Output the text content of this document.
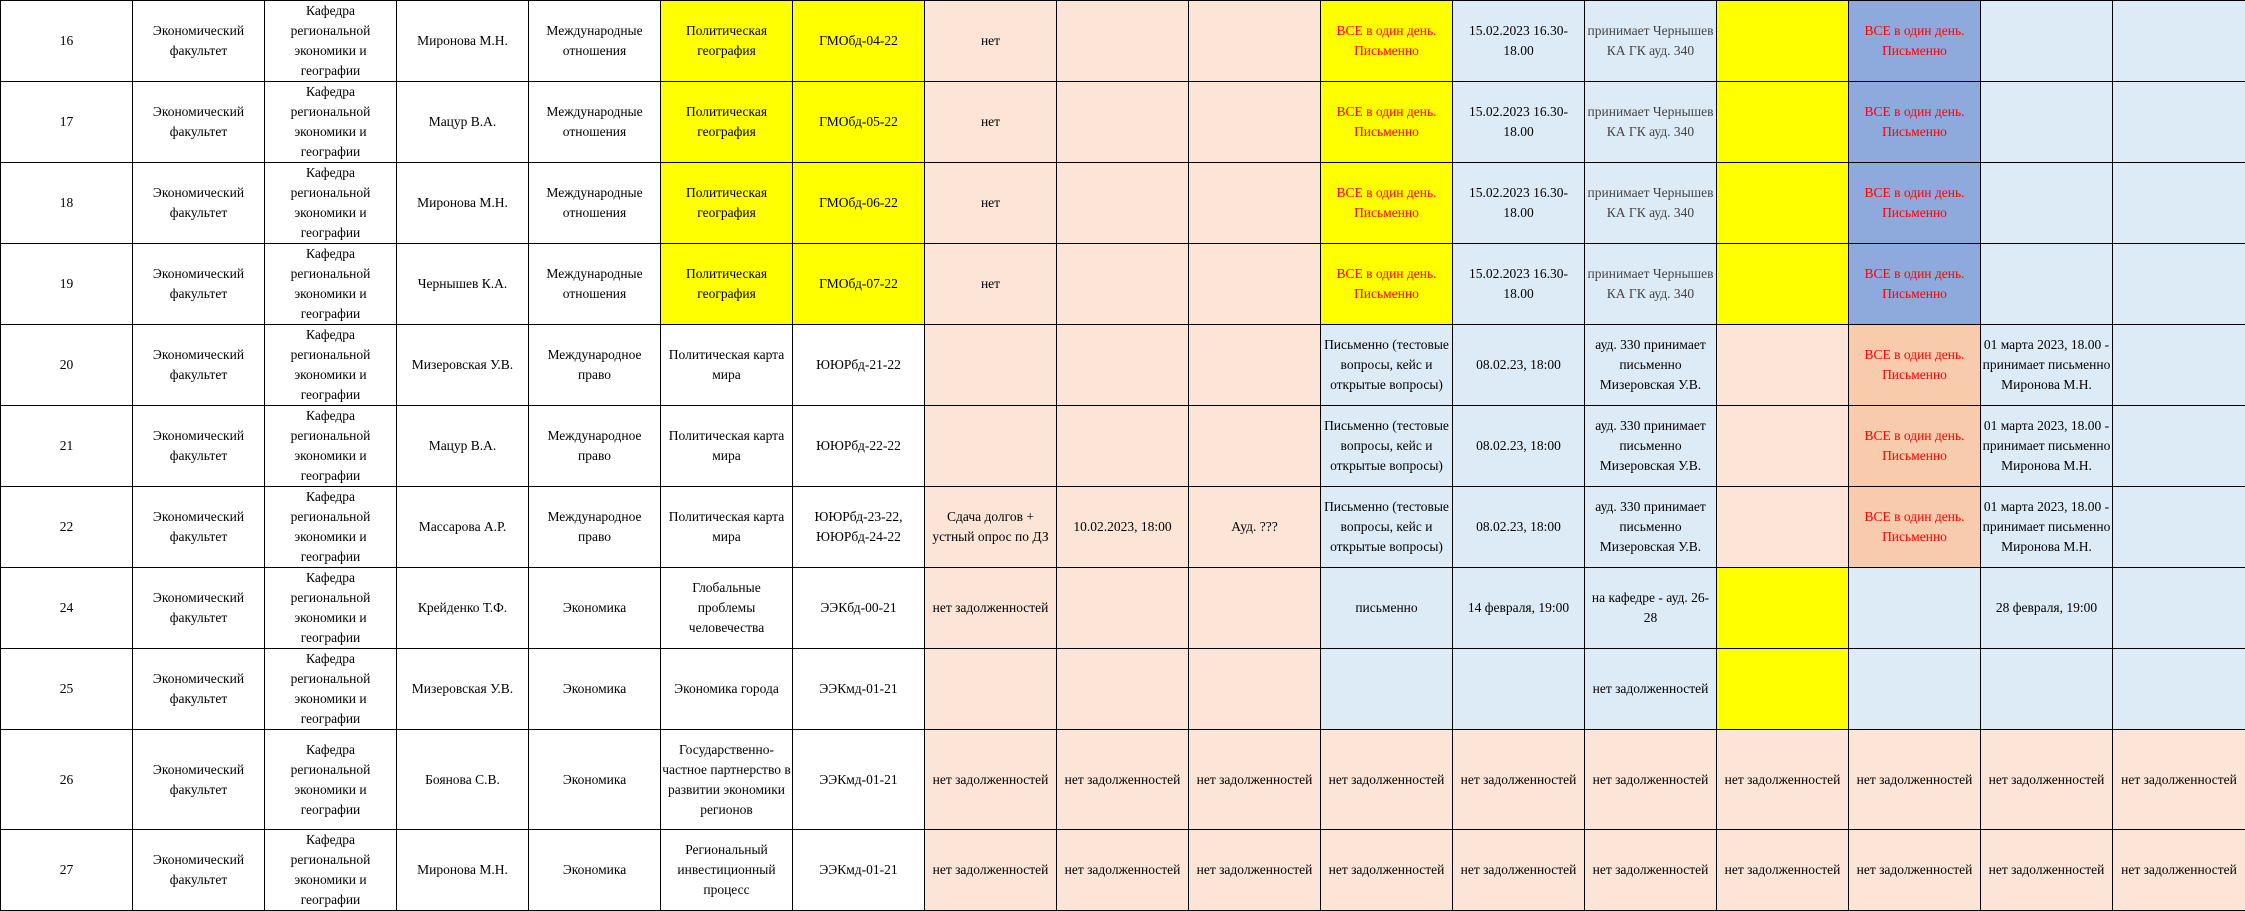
16	Экономический факультет	Кафедра региональной экономики и географии	Миронова М.Н.	Международные отношения	Политическая география	ГМОбд-04-22	нет			ВСЕ в один день. Письменно	15.02.2023 16.30-18.00	принимает Чернышев КА ГК ауд. 340		ВСЕ в один день. Письменно		
17	Экономический факультет	Кафедра региональной экономики и географии	Мацур В.А.	Международные отношения	Политическая география	ГМОбд-05-22	нет			ВСЕ в один день. Письменно	15.02.2023 16.30-18.00	принимает Чернышев КА ГК ауд. 340		ВСЕ в один день. Письменно		
18	Экономический факультет	Кафедра региональной экономики и географии	Миронова М.Н.	Международные отношения	Политическая география	ГМОбд-06-22	нет			ВСЕ в один день. Письменно	15.02.2023 16.30-18.00	принимает Чернышев КА ГК ауд. 340		ВСЕ в один день. Письменно		
19	Экономический факультет	Кафедра региональной экономики и географии	Чернышев К.А.	Международные отношения	Политическая география	ГМОбд-07-22	нет			ВСЕ в один день. Письменно	15.02.2023 16.30-18.00	принимает Чернышев КА ГК ауд. 340		ВСЕ в один день. Письменно		
20	Экономический факультет	Кафедра региональной экономики и географии	Мизеровская У.В.	Международное право	Политическая карта мира	ЮЮРбд-21-22				Письменно (тестовые вопросы, кейс и открытые вопросы)	08.02.23, 18:00	ауд. 330 принимает письменно Мизеровская У.В.		ВСЕ в один день. Письменно	01 марта 2023, 18.00 - принимает письменно Миронова М.Н.	
21	Экономический факультет	Кафедра региональной экономики и географии	Мацур В.А.	Международное право	Политическая карта мира	ЮЮРбд-22-22				Письменно (тестовые вопросы, кейс и открытые вопросы)	08.02.23, 18:00	ауд. 330 принимает письменно Мизеровская У.В.		ВСЕ в один день. Письменно	01 марта 2023, 18.00 - принимает письменно Миронова М.Н.	
22	Экономический факультет	Кафедра региональной экономики и географии	Массарова А.Р.	Международное право	Политическая карта мира	ЮЮРбд-23-22, ЮЮРбд-24-22	Сдача долгов + устный опрос по ДЗ	10.02.2023, 18:00	Ауд. ???	Письменно (тестовые вопросы, кейс и открытые вопросы)	08.02.23, 18:00	ауд. 330 принимает письменно Мизеровская У.В.		ВСЕ в один день. Письменно	01 марта 2023, 18.00 - принимает письменно Миронова М.Н.	
24	Экономический факультет	Кафедра региональной экономики и географии	Крейденко Т.Ф.	Экономика	Глобальные проблемы человечества	ЭЭКбд-00-21	нет задолженностей			письменно	14 февраля, 19:00	на кафедре - ауд. 26-28			28 февраля, 19:00	
25	Экономический факультет	Кафедра региональной экономики и географии	Мизеровская У.В.	Экономика	Экономика города	ЭЭКмд-01-21						нет задолженностей				
26	Экономический факультет	Кафедра региональной экономики и географии	Боянова С.В.	Экономика	Государственно-частное партнерство в развитии экономики регионов	ЭЭКмд-01-21	нет задолженностей	нет задолженностей	нет задолженностей	нет задолженностей	нет задолженностей	нет задолженностей	нет задолженностей	нет задолженностей	нет задолженностей	нет задолженностей
27	Экономический факультет	Кафедра региональной экономики и географии	Миронова М.Н.	Экономика	Региональный инвестиционный процесс	ЭЭКмд-01-21	нет задолженностей	нет задолженностей	нет задолженностей	нет задолженностей	нет задолженностей	нет задолженностей	нет задолженностей	нет задолженностей	нет задолженностей	нет задолженностей
